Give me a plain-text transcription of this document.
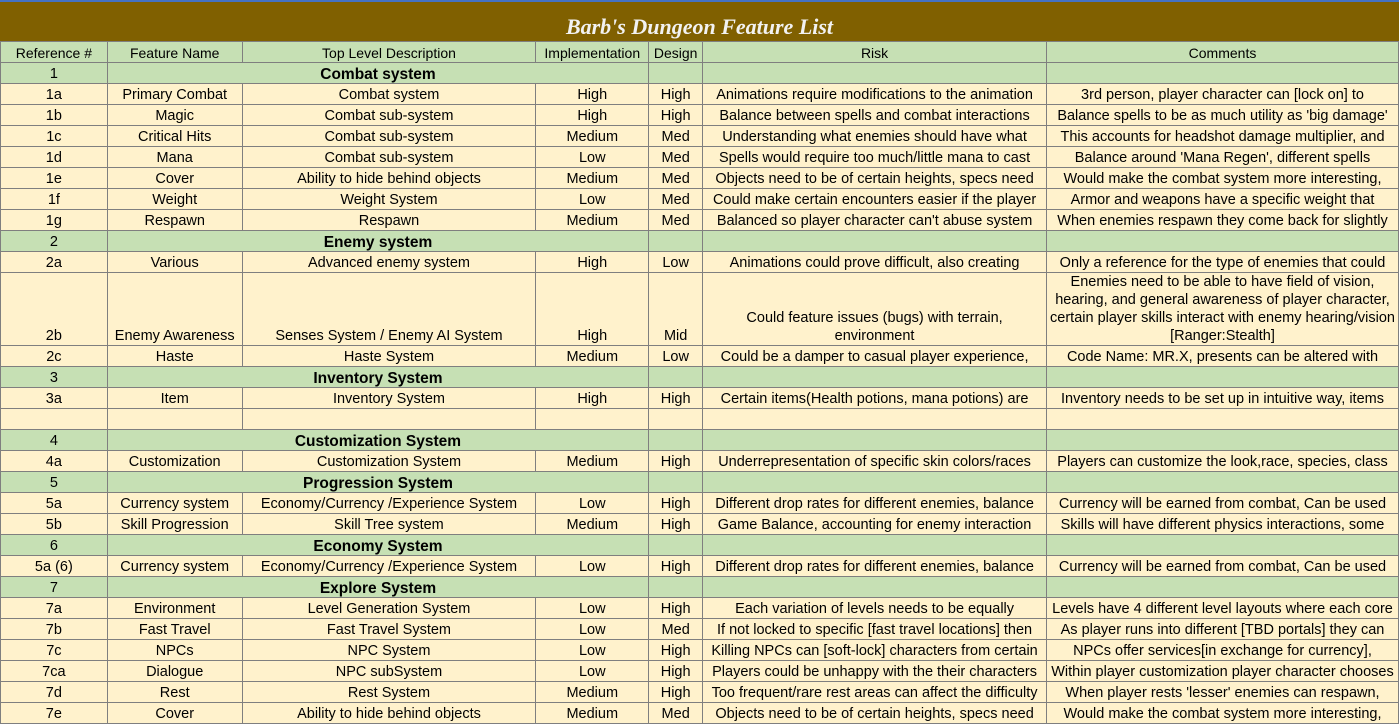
Barb's Dungeon Feature List
Reference #	Feature Name	Top Level Description	Implementation	Design	Risk	Comments
1	Combat system					
1a	Primary Combat	Combat system	High	High	Animations require modifications to the animation	3rd person, player character can [lock on] to
1b	Magic	Combat sub-system	High	High	Balance between spells and combat interactions	Balance spells to be as much utility as 'big damage'
1c	Critical Hits	Combat sub-system	Medium	Med	Understanding what enemies should have what	This accounts for headshot damage multiplier, and
1d	Mana	Combat sub-system	Low	Med	Spells would require too much/little mana to cast	Balance around 'Mana Regen', different spells
1e	Cover	Ability to hide behind objects	Medium	Med	Objects need to be of certain heights, specs need	Would make the combat system more interesting,
1f	Weight	Weight System	Low	Med	Could make certain encounters easier if the player	Armor and weapons have a specific weight that
1g	Respawn	Respawn	Medium	Med	Balanced so player character can't abuse system	When enemies respawn they come back for slightly
2	Enemy system					
2a	Various	Advanced enemy system	High	Low	Animations could prove difficult, also creating	Only a reference for the type of enemies that could
2b	Enemy Awareness	Senses System / Enemy AI System	High	Mid	Could feature issues (bugs) with terrain, environment	Enemies need to be able to have field of vision, hearing, and general awareness of player character, certain player skills interact with enemy hearing/vision [Ranger:Stealth]
2c	Haste	Haste System	Medium	Low	Could be a damper to casual player experience,	Code Name: MR.X, presents can be altered with
3	Inventory System					
3a	Item	Inventory System	High	High	Certain items(Health potions, mana potions) are	Inventory needs to be set up in intuitive way, items

4	Customization System					
4a	Customization	Customization System	Medium	High	Underrepresentation of specific skin colors/races	Players can customize the look,race, species, class
5	Progression System					
5a	Currency system	Economy/Currency /Experience System	Low	High	Different drop rates for different enemies, balance	Currency will be earned from combat, Can be used
5b	Skill Progression	Skill Tree system	Medium	High	Game Balance, accounting for enemy interaction	Skills will have different physics interactions, some
6	Economy System					
5a (6)	Currency system	Economy/Currency /Experience System	Low	High	Different drop rates for different enemies, balance	Currency will be earned from combat, Can be used
7	Explore System					
7a	Environment	Level Generation System	Low	High	Each variation of levels needs to be equally	Levels have 4 different level layouts where each core
7b	Fast Travel	Fast Travel System	Low	Med	If not locked to specific [fast travel locations] then	As player runs into different [TBD portals] they can
7c	NPCs	NPC System	Low	High	Killing NPCs can [soft-lock] characters from certain	NPCs offer services[in exchange for currency],
7ca	Dialogue	NPC subSystem	Low	High	Players could be unhappy with the their characters	Within player customization player character chooses
7d	Rest	Rest System	Medium	High	Too frequent/rare rest areas can affect the difficulty	When player rests 'lesser' enemies can respawn,
7e	Cover	Ability to hide behind objects	Medium	Med	Objects need to be of certain heights, specs need	Would make the combat system more interesting,
